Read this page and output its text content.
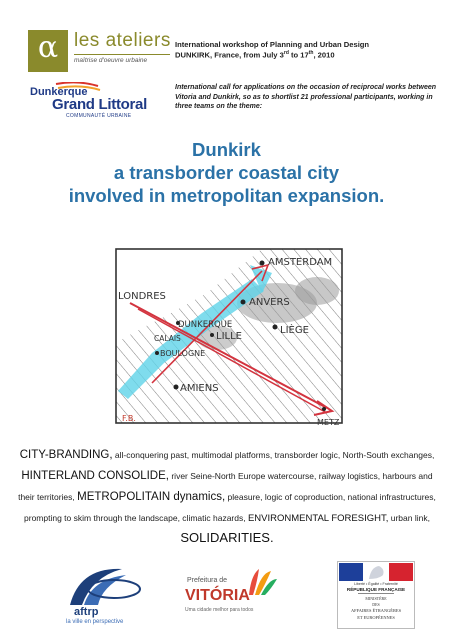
α les ateliers
maîtrise d'oeuvre urbaine
Dunkerque
Grand Littoral
COMMUNAUTÉ URBAINE
International workshop of Planning and Urban Design
DUNKIRK, France, from July 3rd to 17th, 2010
International call for applications on the occasion of reciprocal works between Vitoria and Dunkirk, so as to shortlist 21 professional participants, working in three teams on the theme:
Dunkirk
a transborder coastal city
involved in metropolitan expansion.
AMSTERDAM
LONDRES
ANVERS
DUNKERQUE
CALAIS	LILLE
LIÈGE
BOULOGNE
AMIENS
METZ
F.B.
CITY-BRANDING, all-conquering past, multimodal platforms, transborder logic, North-South exchanges, HINTERLAND CONSOLIDE, river Seine-North Europe watercourse, railway logistics, harbours and their territories, METROPOLITAIN dynamics, pleasure, logic of coproduction, national infrastructures, prompting to skim through the landscape, climatic hazards, ENVIRONMENTAL FORESIGHT, urban link, SOLIDARITIES.
aftrp
la ville en perspective
Prefeitura de
VITÓRIA
Uma cidade melhor para todos
Liberté • Égalité • Fraternité
RÉPUBLIQUE FRANÇAISE
MINISTÈRE
DES
AFFAIRES ÉTRANGÈRES
ET EUROPÉENNES
